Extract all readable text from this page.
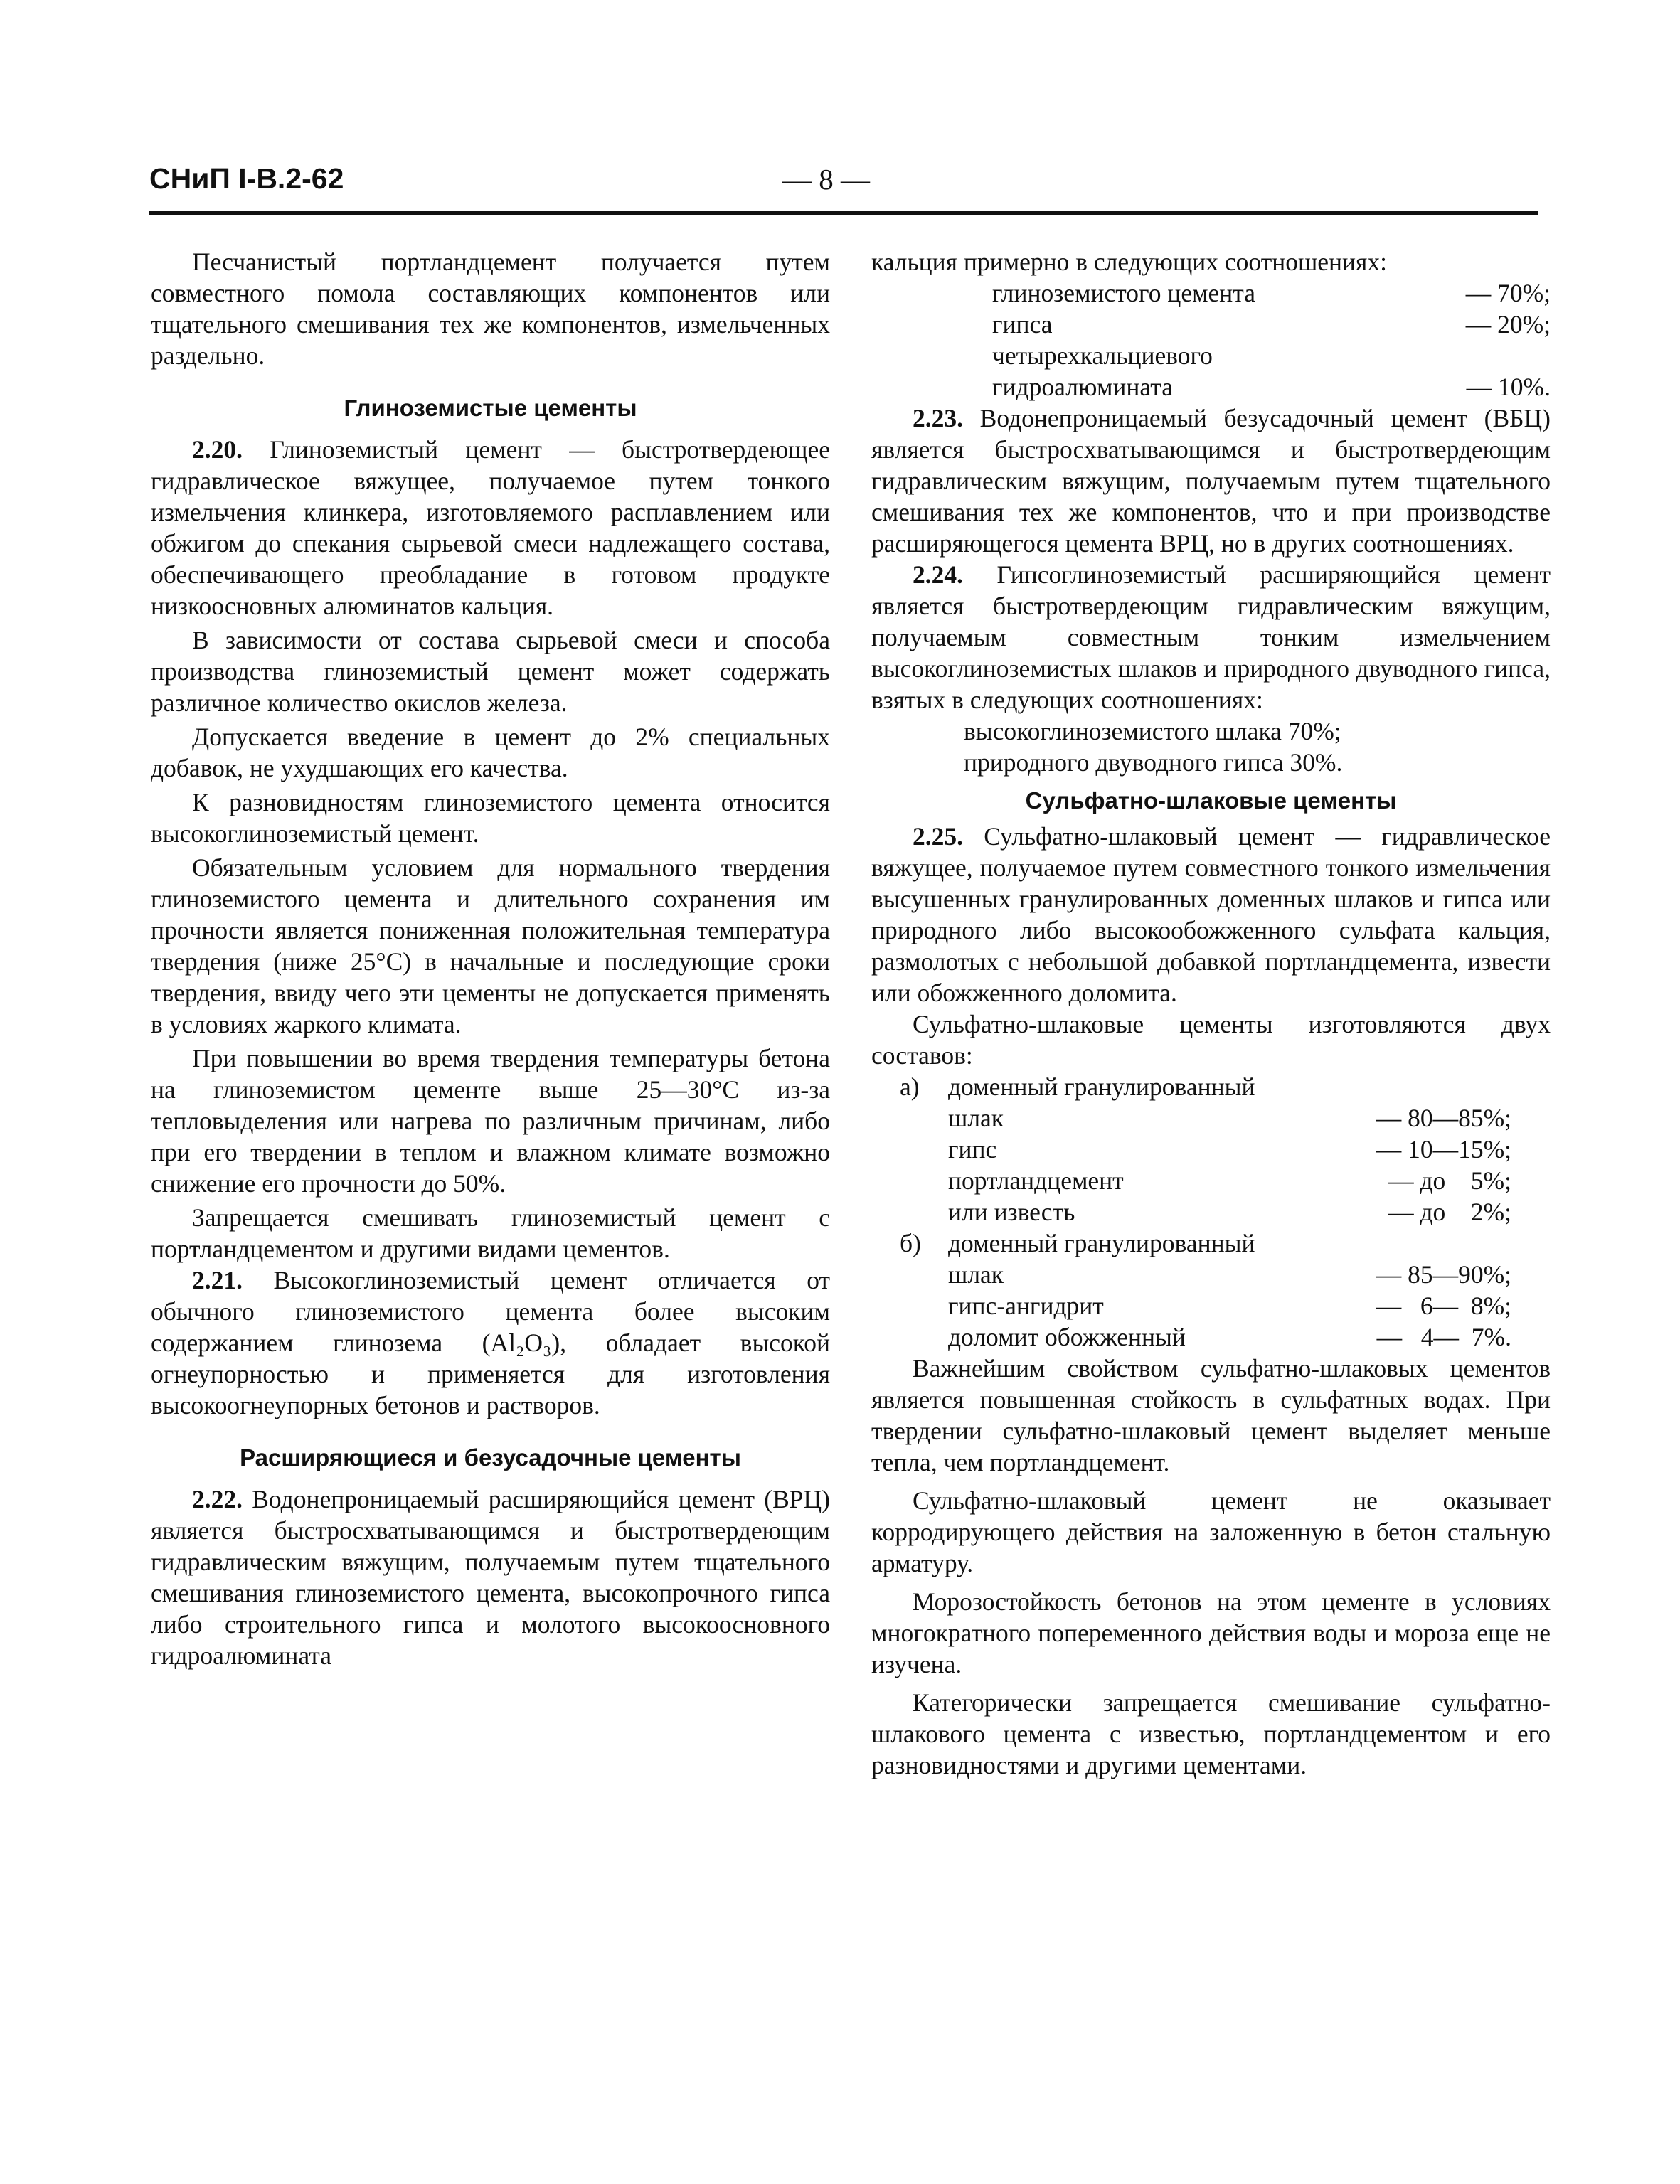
СНиП I-В.2-62	— 8 —

Песчанистый портландцемент получается путем совместного помола составляющих компонентов или тщательного смешивания тех же компонентов, измельченных раздельно.

Глиноземистые цементы

2.20. Глиноземистый цемент — быстротвердеющее гидравлическое вяжущее, получаемое путем тонкого измельчения клинкера, изготовляемого расплавлением или обжигом до спекания сырьевой смеси надлежащего состава, обеспечивающего преобладание в готовом продукте низкоосновных алюминатов кальция.

В зависимости от состава сырьевой смеси и способа производства глиноземистый цемент может содержать различное количество окислов железа.

Допускается введение в цемент до 2% специальных добавок, не ухудшающих его качества.

К разновидностям глиноземистого цемента относится высокоглиноземистый цемент.

Обязательным условием для нормального твердения глиноземистого цемента и длительного сохранения им прочности является пониженная положительная температура твердения (ниже 25°С) в начальные и последующие сроки твердения, ввиду чего эти цементы не допускается применять в условиях жаркого климата.

При повышении во время твердения температуры бетона на глиноземистом цементе выше 25—30°С из-за тепловыделения или нагрева по различным причинам, либо при его твердении в теплом и влажном климате возможно снижение его прочности до 50%.

Запрещается смешивать глиноземистый цемент с портландцементом и другими видами цементов.

2.21. Высокоглиноземистый цемент отличается от обычного глиноземистого цемента более высоким содержанием глинозема (Al₂O₃), обладает высокой огнеупорностью и применяется для изготовления высокоогнеупорных бетонов и растворов.

Расширяющиеся и безусадочные цементы

2.22. Водонепроницаемый расширяющийся цемент (ВРЦ) является быстросхватывающимся и быстротвердеющим гидравлическим вяжущим, получаемым путем тщательного смешивания глиноземистого цемента, высокопрочного гипса либо строительного гипса и молотого высокоосновного гидроалюмината

кальция примерно в следующих соотношениях:

глиноземистого цемента	— 70%;
гипса	— 20%;
четырехкальциевого
гидроалюмината	— 10%.

2.23. Водонепроницаемый безусадочный цемент (ВБЦ) является быстросхватывающимся и быстротвердеющим гидравлическим вяжущим, получаемым путем тщательного смешивания тех же компонентов, что и при производстве расширяющегося цемента ВРЦ, но в других соотношениях.

2.24. Гипсоглиноземистый расширяющийся цемент является быстротвердеющим гидравлическим вяжущим, получаемым совместным тонким измельчением высокоглиноземистых шлаков и природного двуводного гипса, взятых в следующих соотношениях:

высокоглиноземистого шлака 70%;
природного двуводного гипса 30%.
Сульфатно-шлаковые цементы

2.25. Сульфатно-шлаковый цемент — гидравлическое вяжущее, получаемое путем совместного тонкого измельчения высушенных гранулированных доменных шлаков и гипса или природного либо высокообожженного сульфата кальция, размолотых с небольшой добавкой портландцемента, извести или обожженного доломита.

Сульфатно-шлаковые цементы изготовляются двух составов:

а) доменный гранулированный
шлак	— 80—85%;
гипс	— 10—15%;
портландцемент	— до    5%;
или известь	— до    2%;
б) доменный гранулированный
шлак	— 85—90%;
гипс-ангидрит	—   6—  8%;
доломит обожженный	—   4—  7%.

Важнейшим свойством сульфатно-шлаковых цементов является повышенная стойкость в сульфатных водах. При твердении сульфатно-шлаковый цемент выделяет меньше тепла, чем портландцемент.

Сульфатно-шлаковый цемент не оказывает корродирующего действия на заложенную в бетон стальную арматуру.

Морозостойкость бетонов на этом цементе в условиях многократного попеременного действия воды и мороза еще не изучена.

Категорически запрещается смешивание сульфатно-шлакового цемента с известью, портландцементом и его разновидностями и другими цементами.
